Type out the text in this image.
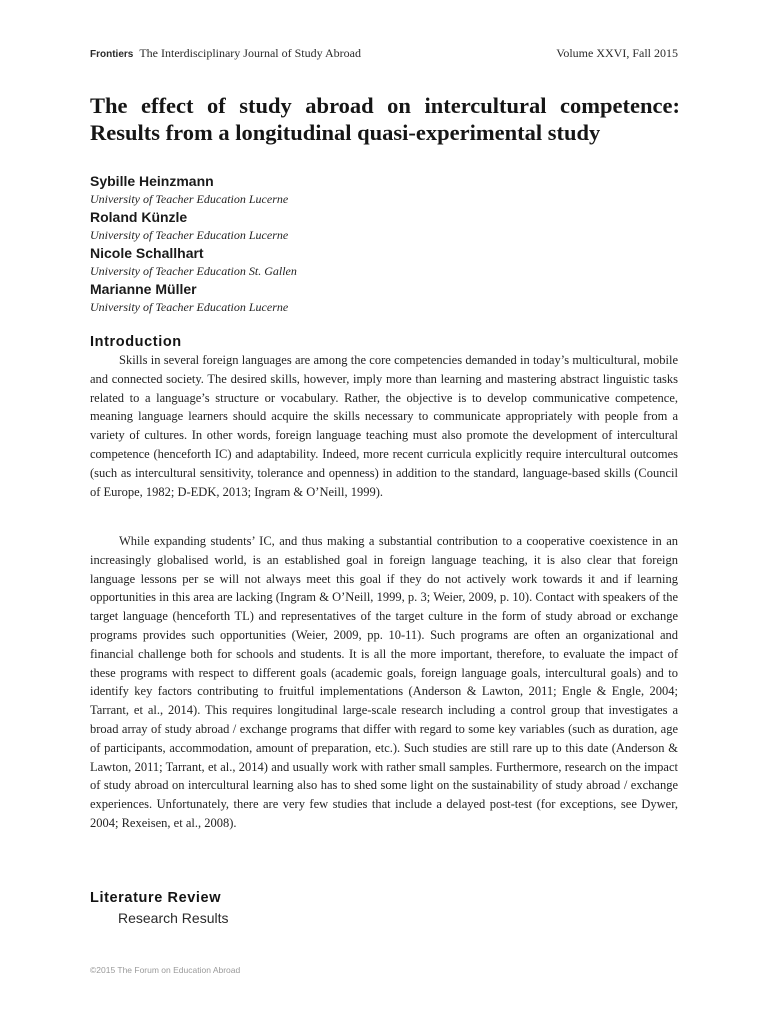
Frontiers The Interdisciplinary Journal of Study Abroad	Volume XXVI, Fall 2015
The effect of study abroad on intercultural competence: Results from a longitudinal quasi-experimental study
Sybille Heinzmann
University of Teacher Education Lucerne
Roland Künzle
University of Teacher Education Lucerne
Nicole Schallhart
University of Teacher Education St. Gallen
Marianne Müller
University of Teacher Education Lucerne
Introduction

Skills in several foreign languages are among the core competencies demanded in today’s multicultural, mobile and connected society. The desired skills, however, imply more than learning and mastering abstract linguistic tasks related to a language’s structure or vocabulary. Rather, the objective is to develop communicative competence, meaning language learners should acquire the skills necessary to communicate appropriately with people from a variety of cultures. In other words, foreign language teaching must also promote the development of intercultural competence (henceforth IC) and adaptability. Indeed, more recent curricula explicitly require intercultural outcomes (such as intercultural sensitivity, tolerance and openness) in addition to the standard, language-based skills (Council of Europe, 1982; D-EDK, 2013; Ingram & O’Neill, 1999).

While expanding students’ IC, and thus making a substantial contribution to a cooperative coexistence in an increasingly globalised world, is an established goal in foreign language teaching, it is also clear that foreign language lessons per se will not always meet this goal if they do not actively work towards it and if learning opportunities in this area are lacking (Ingram & O’Neill, 1999, p. 3; Weier, 2009, p. 10). Contact with speakers of the target language (henceforth TL) and representatives of the target culture in the form of study abroad or exchange programs provides such opportunities (Weier, 2009, pp. 10-11). Such programs are often an organizational and financial challenge both for schools and students. It is all the more important, therefore, to evaluate the impact of these programs with respect to different goals (academic goals, foreign language goals, intercultural goals) and to identify key factors contributing to fruitful implementations (Anderson & Lawton, 2011; Engle & Engle, 2004; Tarrant, et al., 2014). This requires longitudinal large-scale research including a control group that investigates a broad array of study abroad / exchange programs that differ with regard to some key variables (such as duration, age of participants, accommodation, amount of preparation, etc.). Such studies are still rare up to this date (Anderson & Lawton, 2011; Tarrant, et al., 2014) and usually work with rather small samples. Furthermore, research on the impact of study abroad on intercultural learning also has to shed some light on the sustainability of study abroad / exchange experiences. Unfortunately, there are very few studies that include a delayed post-test (for exceptions, see Dywer, 2004; Rexeisen, et al., 2008).

Literature Review
Research Results
©2015 The Forum on Education Abroad
